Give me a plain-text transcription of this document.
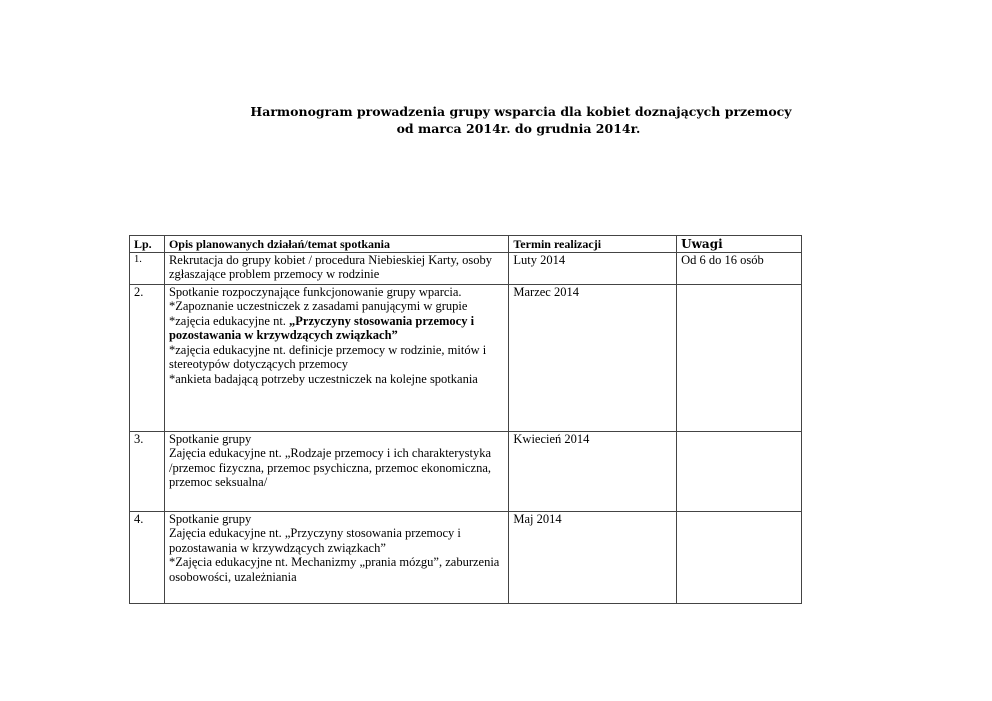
Harmonogram prowadzenia grupy wsparcia dla kobiet doznających przemocy
od marca 2014r. do grudnia 2014r.
Lp.	Opis planowanych działań/temat spotkania	Termin realizacji	Uwagi
1.	Rekrutacja do grupy kobiet / procedura Niebieskiej Karty, osoby zgłaszające problem przemocy w rodzinie	Luty 2014	Od 6 do 16 osób
2.	Spotkanie rozpoczynające funkcjonowanie grupy wparcia.

*Zapoznanie uczestniczek z zasadami panującymi w grupie

*zajęcia edukacyjne nt. „Przyczyny stosowania przemocy i pozostawania w krzywdzących związkach”

*zajęcia edukacyjne nt. definicje przemocy w rodzinie, mitów i stereotypów dotyczących przemocy

*ankieta badającą potrzeby uczestniczek na kolejne spotkania	Marzec 2014	
3.	Spotkanie grupy

Zajęcia edukacyjne nt. „Rodzaje przemocy i ich charakterystyka /przemoc fizyczna, przemoc psychiczna, przemoc ekonomiczna, przemoc seksualna/	Kwiecień 2014	
4.	Spotkanie grupy

Zajęcia edukacyjne nt. „Przyczyny stosowania przemocy i pozostawania w krzywdzących związkach”

*Zajęcia edukacyjne nt. Mechanizmy „prania mózgu”, zaburzenia osobowości, uzależniania	Maj 2014	
